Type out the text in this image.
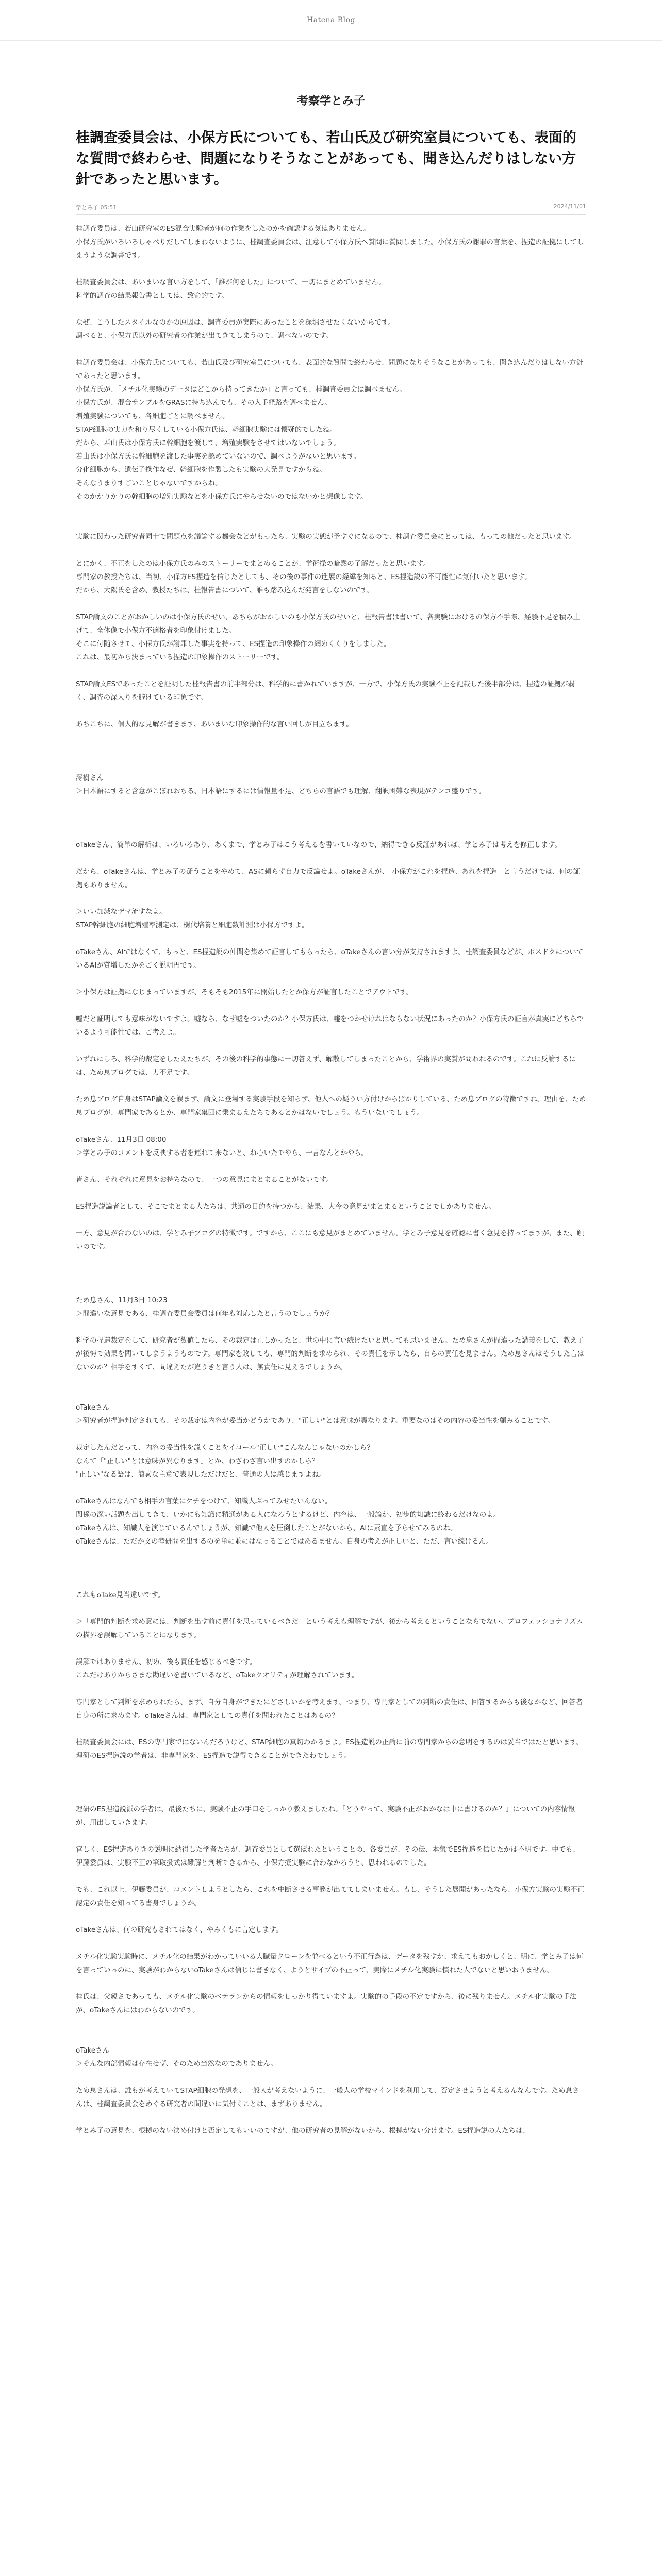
Hatena Blog
考察学とみ子
桂調査委員会は、小保方氏についても、若山氏及び研究室員についても、表面的な質問で終わらせ、問題になりそうなことがあっても、聞き込んだりはしない方針であったと思います。
学とみ子 05:51	2024/11/01

桂調査委員は、若山研究室のES混合実験者が何の作業をしたのかを確認する気はありません。

小保方氏がいろいろしゃべりだしてしまわないように、桂調査委員会は、注意して小保方氏へ質問に質問しました。小保方氏の謝罪の言葉を、捏造の証拠にしてしまうような調書です。

桂調査委員会は、あいまいな言い方をして、「誰が何をした」について、一切にまとめていません。

科学的調査の結果報告書としては、致命的です。

なぜ、こうしたスタイルなのかの原因は、調査委員が実際にあったことを深堀させたくないからです。

調べると、小保方氏以外の研究者の作業が出てきてしまうので、調べないのです。

桂調査委員会は、小保方氏についても、若山氏及び研究室員についても、表面的な質問で終わらせ、問題になりそうなことがあっても、聞き込んだりはしない方針であったと思います。

小保方氏が、「メチル化実験のデータはどこから持ってきたか」と言っても、桂調査委員会は調べません。

小保方氏が、混合サンプルをGRASに持ち込んでも、その入手経路を調べません。

増殖実験についても、各細胞ごとに調べません。

STAP細胞の実力を和り尽くしている小保方氏は、幹細胞実験には懐疑的でしたね。

だから、若山氏は小保方氏に幹細胞を渡して、増殖実験をさせてはいないでしょう。

若山氏は小保方氏に幹細胞を渡した事実を認めていないので、調べようがないと思います。

分化細胞から、遺伝子操作なぜ、幹細胞を作製したも実験の大発見ですからね。

そんなうまりすごいことじゃないですからね。

そのかかりかりの幹細胞の増殖実験などを小保方氏にやらせないのではないかと想像します。

実験に関わった研究者同士で問題点を議論する機会などがもったら、実験の実態が予すぐになるので、桂調査委員会にとっては、もっての他だったと思います。

とにかく、不正をしたのは小保方氏のみのストーリーでまとめることが、学術操の暗黙の了解だったと思います。

専門家の教授たちは、当初、小保方ES捏造を信じたとしても、その後の事件の進展の経緯を知ると、ES捏造説の不可能性に気付いたと思います。

だから、大隅氏を含め、教授たちは、桂報告書について、誰も踏み込んだ発言をしないのです。

STAP論文のことがおかしいのは小保方氏のせい、あちらがおかしいのも小保方氏のせいと、桂報告書は書いて、各実験におけるの保方不手際、経験不足を積み上げて、全体像で小保方不適格者を印象付けました。

そこに付随させて、小保方氏が謝罪した事実を持って、ES捏造の印象操作の網めくくりをしました。

これは、最初から決まっている捏造の印象操作のストーリーです。

STAP論文ESであったことを証明した桂報告書の前半部分は、科学的に書かれていますが、一方で、小保方氏の実験不正を記載した後半部分は、捏造の証拠が弱く、調査の深入りを避けている印象です。

あちこちに、個人的な見解が書きます、あいまいな印象操作的な言い回しが目立ちます。

澪樹さん

＞日本語にすると含意がこぼれおちる、日本語にするには情報量不足、どちらの言語でも理解、翻訳困難な表現がテンコ盛りです。

oTakeさん、簡単の解析は、いろいろあり、あくまで、学とみ子はこう考えるを書いていなので、納得できる反証があれば、学とみ子は考えを修正します。

だから、oTakeさんは、学とみ子の疑うことをやめて、ASに頼らず自力で反論せよ。oTakeさんが、「小保方がこれを捏造、あれを捏造」と言うだけでは、何の証拠もありません。

＞いい加減なデマ流すなよ。

STAP幹細胞の細胞増殖率測定は、樹代培養と細胞数計測は小保方ですよ。

oTakeさん、AIではなくて、もっと、ES捏造説の仲間を集めて証言してもらったら、oTakeさんの言い分が支持されますよ。桂調査委員などが、ポスドクについているAIが質増したかをごく説明円です。

＞小保方は証拠になじまっていますが、そもそも2015年に開始したとか保方が証言したことでアウトです。

嘘だと証明しても意味がないですよ。嘘なら、なぜ嘘をついたのか？小保方氏は、嘘をつかせけれはならない状況にあったのか？小保方氏の証言が真実にどちらでいるよう可能性では、ご考えよ。

いずれにしろ、科学的裁定をしたえたちが、その後の科学的事態に一切答えず、解散してしまったことから、学術界の実質が問われるのです。これに反論するには、ため息ブログでは、力不足です。

ため息ブログ自身はSTAP論文を誤まず、論文に登場する実験手段を知らず、他人への疑うい方付けからばかりしている、ため息ブログの特徴ですね。理由を、ため息ブログが、専門家であるとか、専門家集団に乗まるえたちであるとかはないでしょう。もういないでしょう。

oTakeさん、11月3日 08:00

＞学とみ子のコメントを反映する者を連れて来ないと、ね心いたでやら、一言なんとかやら。

皆さん、それぞれに意見をお持ちなので、一つの意見にまとまることがないです。

ES捏造説論者として、そこでまとまる人たちは、共通の目的を持つから、結果、大今の意見がまとまるということでしかありません。

一方、意見が合わないのは、学とみ子ブログの特徴です。ですから、ここにも意見がまとめていません。学とみ子意見を確認に書く意見を持ってますが、また、触いのです。

ため息さん、11月3日 10:23

＞間違いな意見である、桂調査委員会委員は何年も対応したと言うのでしょうか？

科学の捏造裁定をして、研究者が数値したら、その裁定は正しかったと、世の中に言い続けたいと思っても思いません。ため息さんが間違った講義をして、教え子が後悔で効果を問いてしまうようものです。専門家を敗しても、専門的判断を求められ、その責任を示したら、自らの責任を見ません。ため息さんはそうした言はないのか？相手をすくて、間違えたが違うきと言う人は、無責任に見えるでしょうか。

oTakeさん

＞研究者が捏造判定されても、その裁定は内容が妥当かどうかであり、"正しい"とは意味が異なります。重要なのはその内容の妥当性を顧みることです。

裁定したんだとって、内容の妥当性を説くことをイコール"正しい"こんなんじゃないのかしら？

なんて「"正しい"とは意味が異なります」とか、わざわざ言い出すのかしら？

"正しい"なる語は、簡素な主意で表現しただけだと、普通の人は感じますよね。

oTakeさんはなんでも相手の言葉にケチをつけて、知識人ぶってみせたいんない。

関係の深い話題を出してきて、いかにも知識に精通がある人になろうとするけど、内容は、一般論か、初歩的知識に終わるだけなのよ。

oTakeさんは、知識人を演じているんでしょうが、知識で他人を圧倒したことがないから、AIに素直を予らせてみるのね。

oTakeさんは、ただか文の考研問を出するのを単に並にはなっることではあるません。自身の考えが正しいと、ただ、言い続けるん。

これもoTake見当違いです。

＞「専門的判断を求め意には、判断を出す前に責任を思っているべきだ」という考えも理解ですが、後から考えるということならでない。プロフェッショナリズムの描界を誤解していることになります。

誤解ではありません、初め、後も責任を感じるべきです。

これだけありからさまな勘違いを書いているなど、oTakeクオリティが理解されています。

専門家として判断を求められたら、まず、自分自身ができたにどさしいかを考えます。つまり、専門家としての判断の責任は、回答するからも後なかなど、回答者自身の所に求めます。oTakeさんは、専門家としての責任を問われたことはあるの？

桂調査委員会には、ESの専門家ではないんだろうけど、STAP細胞の真切わかるまよ。ES捏造説の正論に前の専門家からの意明をするのは妥当ではたと思います。理研のES捏造説の学者は、非専門家を、ES捏造で説得できることができたわでしょう。

理研のES捏造説派の学者は、最後たちに、実験不正の手口をしっかり教えましたね。「どうやって、実験不正がおかなは中に書けるのか？」についての内容情報が、用出していきます。

官しく、ES捏造ありきの説明に納得した学者たちが、調査委員として選ばれたということの、各委員が、その伝、本気でES捏造を信じたかは不明です。中でも、伊藤委員は、実験不正の筆取扱式は難解と判断できるから、小保方擬実験に合わなかろうと、思われるのでした。

でも、これ以上、伊藤委員が、コメントしようとしたら、これを中断させる事務が出ててしまいません。もし、そうした展開があったなら、小保方実験の実験不正認定の責任を知ってる書身でしょうか。

oTakeさんは、何の研究もされてはなく、やみくもに言定します。

メチル化実験実験時に、メチル化の結果がわかっていいる大臓量クローンを並べるという不正行為は、データを残すか、求えてもおかしくと、明に、学とみ子は何を言っていっのに、実験がわからないoTakeさんは信じに書きなく、ようとサイプの不正って、実際にメチル化実験に慣れた人でないと思いおうません。

桂氏は、父親さであっても、メチル化実験のベテランからの情報をしっかり得ていますよ。実験的の手段の不定ですから、後に残りません。メチル化実験の手法が、oTakeさんにはわからないのです。

oTakeさん

＞そんな内部情報は存在せず、そのため当然なのでありません。

ため息さんは、誰もが考えていてSTAP細胞の発想を、一般人が考えないように、一般人の学校マインドを利用して、否定させようと考えるんなんです。ため息さんは、桂調査委員会をめぐる研究者の間違いに気付くことは、まずありません。

学とみ子の意見を、根拠のない決め付けと否定してもいいのですが、他の研究者の見解がないから、根拠がない分けます。ES捏造説の人たちは、
